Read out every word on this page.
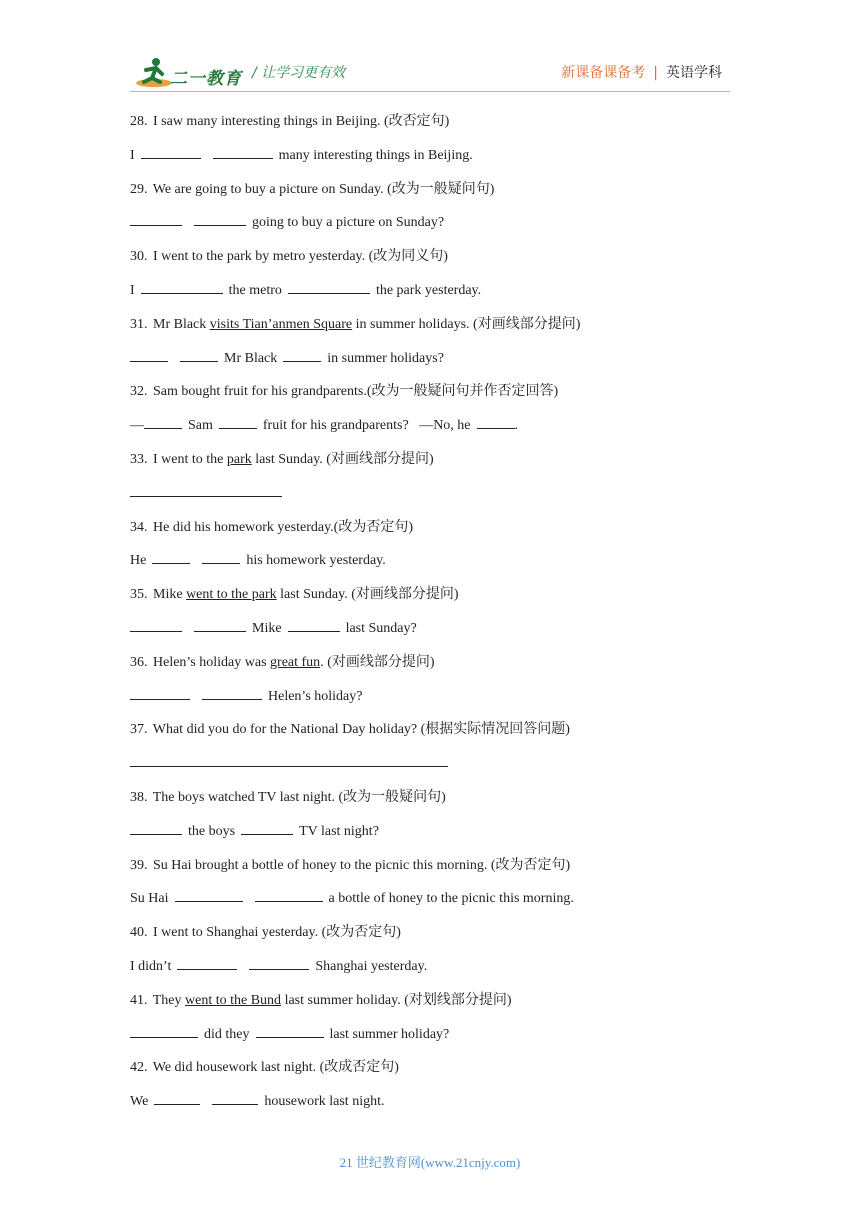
二一教育 / 让学习更有效	新课备课备考 | 英语学科
28. I saw many interesting things in Beijing. (改否定句)
I	many interesting things in Beijing.
29. We are going to buy a picture on Sunday. (改为一般疑问句)
going to buy a picture on Sunday?
30. I went to the park by metro yesterday. (改为同义句)
I	the metro	the park yesterday.
31. Mr Black visits Tian’anmen Square in summer holidays. (对画线部分提问)
Mr Black	in summer holidays?
32. Sam bought fruit for his grandparents.(改为一般疑问句并作否定回答)
—	Sam	fruit for his grandparents? —No, he	.
33. I went to the park last Sunday. (对画线部分提问)
34. He did his homework yesterday.(改为否定句)
He	his homework yesterday.
35. Mike went to the park last Sunday. (对画线部分提问)
Mike	last Sunday?
36. Helen’s holiday was great fun. (对画线部分提问)
Helen’s holiday?
37. What did you do for the National Day holiday? (根据实际情况回答问题)
38. The boys watched TV last night. (改为一般疑问句)
the boys	TV last night?
39. Su Hai brought a bottle of honey to the picnic this morning. (改为否定句)
Su Hai	a bottle of honey to the picnic this morning.
40. I went to Shanghai yesterday. (改为否定句)
I didn’t	Shanghai yesterday.
41. They went to the Bund last summer holiday. (对划线部分提问)
did they	last summer holiday?
42. We did housework last night. (改成否定句)
We	housework last night.
21 世纪教育网(www.21cnjy.com)
